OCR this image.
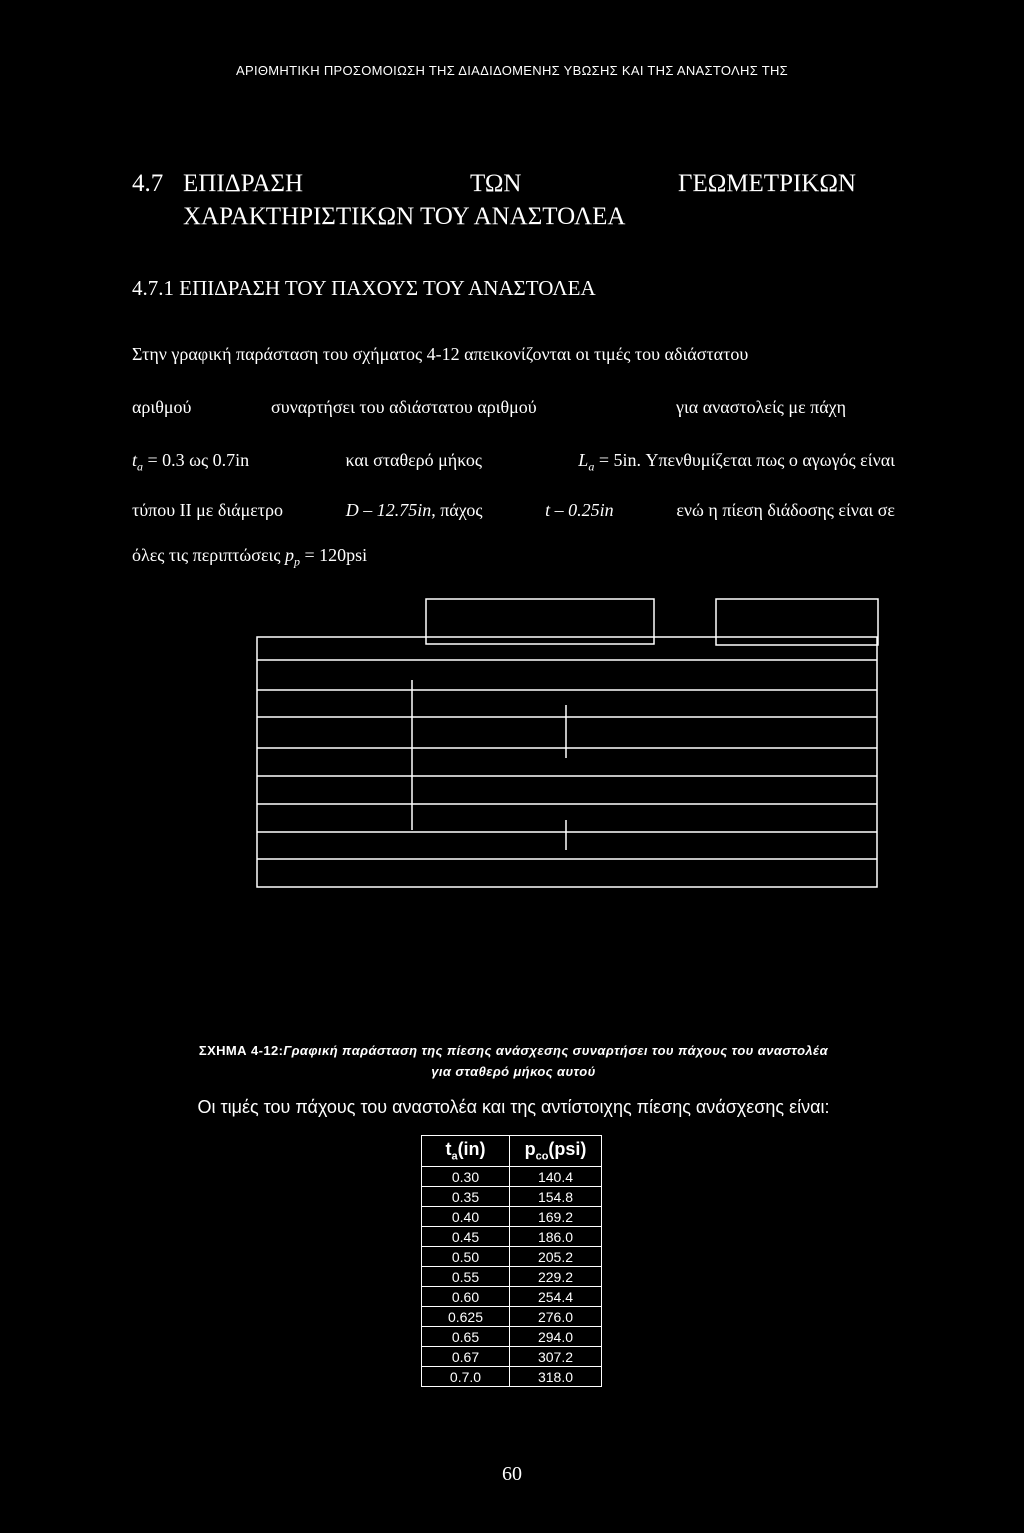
ΑΡΙΘΜΗΤΙΚΗ ΠΡΟΣΟΜΟΙΩΣΗ ΤΗΣ ΔΙΑΔΙΔΟΜΕΝΗΣ ΥΒΩΣΗΣ ΚΑΙ ΤΗΣ ΑΝΑΣΤΟΛΗΣ ΤΗΣ
4.7 ΕΠΙΔΡΑΣΗ	ΤΩΝ	ΓΕΩΜΕΤΡΙΚΩΝ
ΧΑΡΑΚΤΗΡΙΣΤΙΚΩΝ ΤΟΥ ΑΝΑΣΤΟΛΕΑ
4.7.1 ΕΠΙΔΡΑΣΗ ΤΟΥ ΠΑΧΟΥΣ ΤΟΥ ΑΝΑΣΤΟΛΕΑ
Στην γραφική παράσταση του σχήματος 4-12 απεικονίζονται οι τιμές του αδιάστατου
αριθμού	συναρτήσει του αδιάστατου αριθμού	για αναστολείς με πάχη
$t_a = 0.3$ ως 0.7in	και σταθερό μήκος	$L_a = 5in$. Υπενθυμίζεται πως ο αγωγός είναι
τύπου II με διάμετρο	D – 12.75in, πάχος	t – 0.25in	ενώ η πίεση διάδοσης είναι σε
όλες τις περιπτώσεις $p_p = 120psi$
ΣΧΗΜΑ 4-12:Γραφική παράσταση της πίεσης ανάσχεσης συναρτήσει του πάχους του αναστολέα
για σταθερό μήκος αυτού
Οι τιμές του πάχους του αναστολέα και της αντίστοιχης πίεσης ανάσχεσης είναι:
$t_a(in)$	$p_{co}(psi)$
0.30	140.4
0.35	154.8
0.40	169.2
0.45	186.0
0.50	205.2
0.55	229.2
0.60	254.4
0.625	276.0
0.65	294.0
0.67	307.2
0.7.0	318.0
60
